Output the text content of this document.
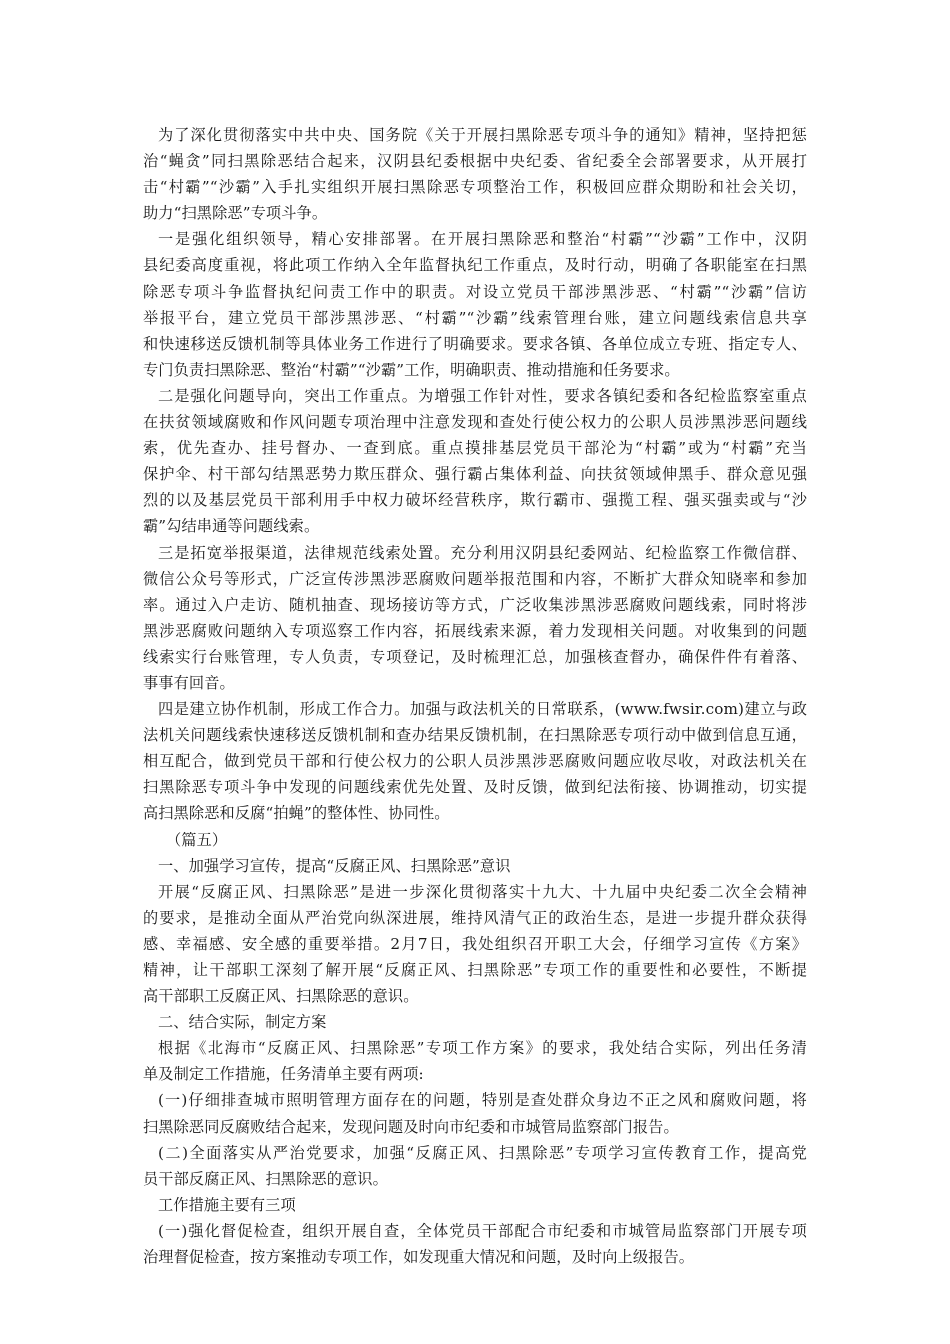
为了深化贯彻落实中共中央、国务院《关于开展扫黑除恶专项斗争的通知》精神，坚持把惩
治“蝇贪”同扫黑除恶结合起来，汉阴县纪委根据中央纪委、省纪委全会部署要求，从开展打
击“村霸”“沙霸”入手扎实组织开展扫黑除恶专项整治工作，积极回应群众期盼和社会关切，
助力“扫黑除恶”专项斗争。
一是强化组织领导，精心安排部署。在开展扫黑除恶和整治“村霸”“沙霸”工作中，汉阴
县纪委高度重视，将此项工作纳入全年监督执纪工作重点，及时行动，明确了各职能室在扫黑
除恶专项斗争监督执纪问责工作中的职责。对设立党员干部涉黑涉恶、“村霸”“沙霸”信访
举报平台，建立党员干部涉黑涉恶、“村霸”“沙霸”线索管理台账，建立问题线索信息共享
和快速移送反馈机制等具体业务工作进行了明确要求。要求各镇、各单位成立专班、指定专人、
专门负责扫黑除恶、整治“村霸”“沙霸”工作，明确职责、推动措施和任务要求。
二是强化问题导向，突出工作重点。为增强工作针对性，要求各镇纪委和各纪检监察室重点
在扶贫领域腐败和作风问题专项治理中注意发现和查处行使公权力的公职人员涉黑涉恶问题线
索，优先查办、挂号督办、一查到底。重点摸排基层党员干部沦为“村霸”或为“村霸”充当
保护伞、村干部勾结黑恶势力欺压群众、强行霸占集体利益、向扶贫领域伸黑手、群众意见强
烈的以及基层党员干部利用手中权力破坏经营秩序，欺行霸市、强揽工程、强买强卖或与“沙
霸”勾结串通等问题线索。
三是拓宽举报渠道，法律规范线索处置。充分利用汉阴县纪委网站、纪检监察工作微信群、
微信公众号等形式，广泛宣传涉黑涉恶腐败问题举报范围和内容，不断扩大群众知晓率和参加
率。通过入户走访、随机抽查、现场接访等方式，广泛收集涉黑涉恶腐败问题线索，同时将涉
黑涉恶腐败问题纳入专项巡察工作内容，拓展线索来源，着力发现相关问题。对收集到的问题
线索实行台账管理，专人负责，专项登记，及时梳理汇总，加强核查督办，确保件件有着落、
事事有回音。
四是建立协作机制，形成工作合力。加强与政法机关的日常联系，(www.fwsir.com)建立与政
法机关问题线索快速移送反馈机制和查办结果反馈机制，在扫黑除恶专项行动中做到信息互通，
相互配合，做到党员干部和行使公权力的公职人员涉黑涉恶腐败问题应收尽收，对政法机关在
扫黑除恶专项斗争中发现的问题线索优先处置、及时反馈，做到纪法衔接、协调推动，切实提
高扫黑除恶和反腐“拍蝇”的整体性、协同性。
（篇五）
一、加强学习宣传，提高“反腐正风、扫黑除恶”意识
开展“反腐正风、扫黑除恶”是进一步深化贯彻落实十九大、十九届中央纪委二次全会精神
的要求，是推动全面从严治党向纵深进展，维持风清气正的政治生态，是进一步提升群众获得
感、幸福感、安全感的重要举措。2月7日，我处组织召开职工大会，仔细学习宣传《方案》
精神，让干部职工深刻了解开展“反腐正风、扫黑除恶”专项工作的重要性和必要性，不断提
高干部职工反腐正风、扫黑除恶的意识。
二、结合实际，制定方案
根据《北海市“反腐正风、扫黑除恶”专项工作方案》的要求，我处结合实际，列出任务清
单及制定工作措施，任务清单主要有两项:
(一)仔细排查城市照明管理方面存在的问题，特别是查处群众身边不正之风和腐败问题，将
扫黑除恶同反腐败结合起来，发现问题及时向市纪委和市城管局监察部门报告。
(二)全面落实从严治党要求，加强“反腐正风、扫黑除恶”专项学习宣传教育工作，提高党
员干部反腐正风、扫黑除恶的意识。
工作措施主要有三项
(一)强化督促检查，组织开展自查，全体党员干部配合市纪委和市城管局监察部门开展专项
治理督促检查，按方案推动专项工作，如发现重大情况和问题，及时向上级报告。
